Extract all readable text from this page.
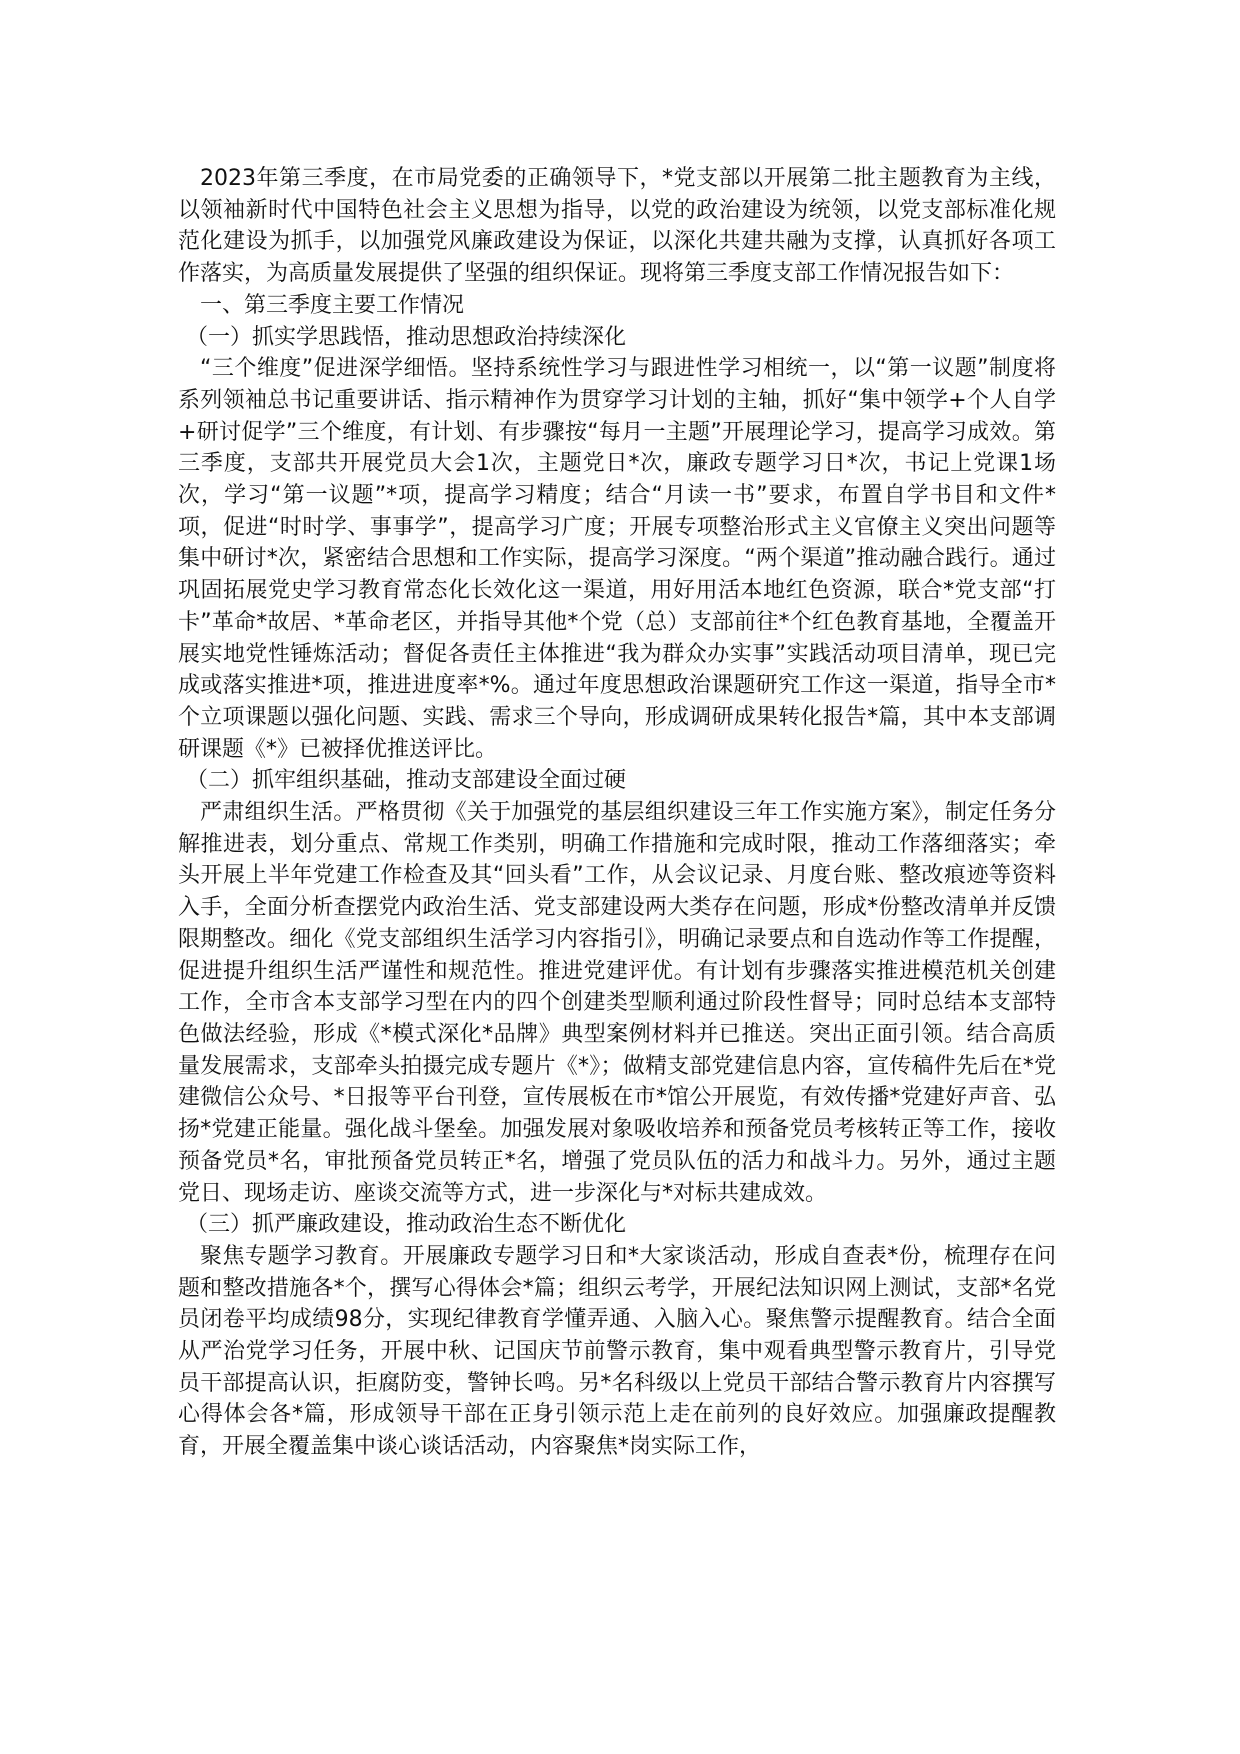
2023年第三季度，在市局党委的正确领导下，*党支部以开展第二批主题教育为主线，以领袖新时代中国特色社会主义思想为指导，以党的政治建设为统领，以党支部标准化规范化建设为抓手，以加强党风廉政建设为保证，以深化共建共融为支撑，认真抓好各项工作落实，为高质量发展提供了坚强的组织保证。现将第三季度支部工作情况报告如下：

一、第三季度主要工作情况

（一）抓实学思践悟，推动思想政治持续深化

“三个维度”促进深学细悟。坚持系统性学习与跟进性学习相统一，以“第一议题”制度将系列领袖总书记重要讲话、指示精神作为贯穿学习计划的主轴，抓好“集中领学+个人自学+研讨促学”三个维度，有计划、有步骤按“每月一主题”开展理论学习，提高学习成效。第三季度，支部共开展党员大会1次，主题党日*次，廉政专题学习日*次，书记上党课1场次，学习“第一议题”*项，提高学习精度；结合“月读一书”要求，布置自学书目和文件*项，促进“时时学、事事学”，提高学习广度；开展专项整治形式主义官僚主义突出问题等集中研讨*次，紧密结合思想和工作实际，提高学习深度。“两个渠道”推动融合践行。通过巩固拓展党史学习教育常态化长效化这一渠道，用好用活本地红色资源，联合*党支部“打卡”革命*故居、*革命老区，并指导其他*个党（总）支部前往*个红色教育基地，全覆盖开展实地党性锤炼活动；督促各责任主体推进“我为群众办实事”实践活动项目清单，现已完成或落实推进*项，推进进度率*%。通过年度思想政治课题研究工作这一渠道，指导全市*个立项课题以强化问题、实践、需求三个导向，形成调研成果转化报告*篇，其中本支部调研课题《*》已被择优推送评比。

（二）抓牢组织基础，推动支部建设全面过硬

严肃组织生活。严格贯彻《关于加强党的基层组织建设三年工作实施方案》，制定任务分解推进表，划分重点、常规工作类别，明确工作措施和完成时限，推动工作落细落实；牵头开展上半年党建工作检查及其“回头看”工作，从会议记录、月度台账、整改痕迹等资料入手，全面分析查摆党内政治生活、党支部建设两大类存在问题，形成*份整改清单并反馈限期整改。细化《党支部组织生活学习内容指引》，明确记录要点和自选动作等工作提醒，促进提升组织生活严谨性和规范性。推进党建评优。有计划有步骤落实推进模范机关创建工作，全市含本支部学习型在内的四个创建类型顺利通过阶段性督导；同时总结本支部特色做法经验，形成《*模式深化*品牌》典型案例材料并已推送。突出正面引领。结合高质量发展需求，支部牵头拍摄完成专题片《*》；做精支部党建信息内容，宣传稿件先后在*党建微信公众号、*日报等平台刊登，宣传展板在市*馆公开展览，有效传播*党建好声音、弘扬*党建正能量。强化战斗堡垒。加强发展对象吸收培养和预备党员考核转正等工作，接收预备党员*名，审批预备党员转正*名，增强了党员队伍的活力和战斗力。另外，通过主题党日、现场走访、座谈交流等方式，进一步深化与*对标共建成效。

（三）抓严廉政建设，推动政治生态不断优化

聚焦专题学习教育。开展廉政专题学习日和*大家谈活动，形成自查表*份，梳理存在问题和整改措施各*个，撰写心得体会*篇；组织云考学，开展纪法知识网上测试，支部*名党员闭卷平均成绩98分，实现纪律教育学懂弄通、入脑入心。聚焦警示提醒教育。结合全面从严治党学习任务，开展中秋、记国庆节前警示教育，集中观看典型警示教育片，引导党员干部提高认识，拒腐防变，警钟长鸣。另*名科级以上党员干部结合警示教育片内容撰写心得体会各*篇，形成领导干部在正身引领示范上走在前列的良好效应。加强廉政提醒教育，开展全覆盖集中谈心谈话活动，内容聚焦*岗实际工作，
